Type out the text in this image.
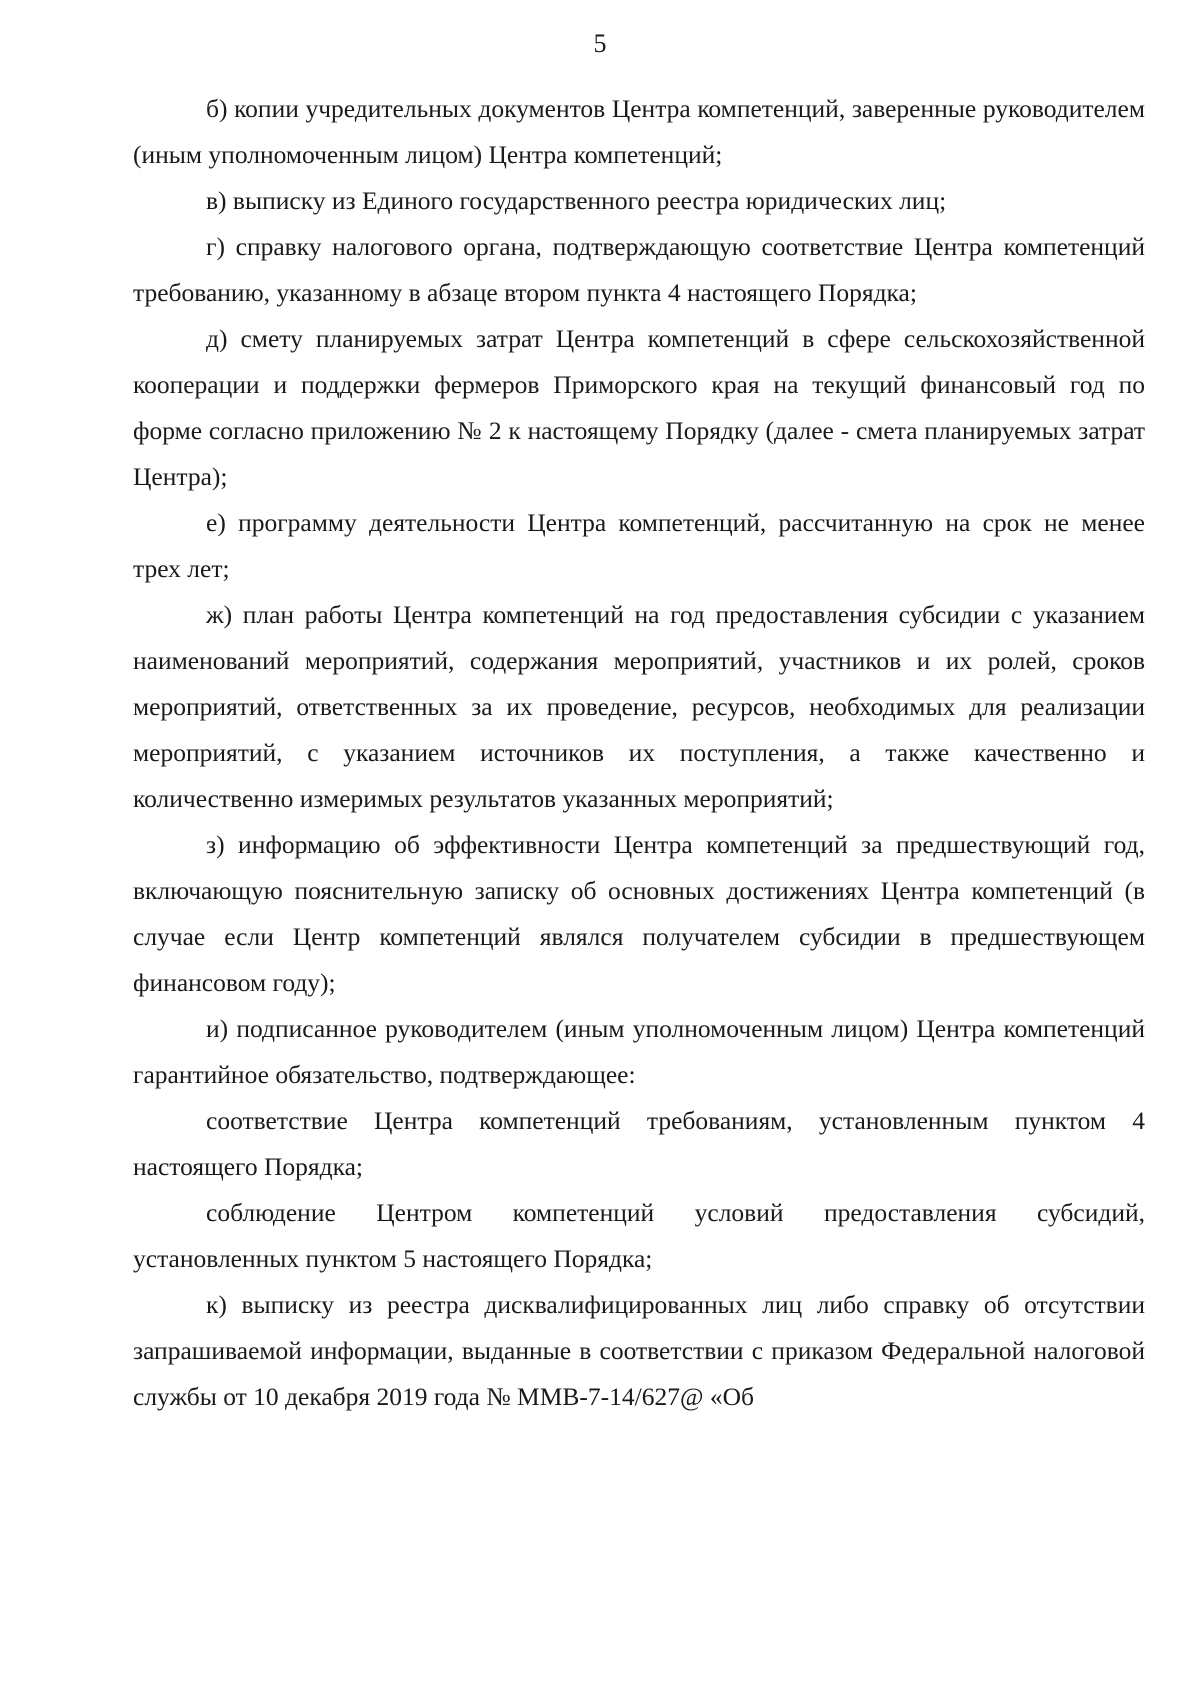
5

б) копии учредительных документов Центра компетенций, заверенные руководителем (иным уполномоченным лицом) Центра компетенций;

в) выписку из Единого государственного реестра юридических лиц;

г) справку налогового органа, подтверждающую соответствие Центра компетенций требованию, указанному в абзаце втором пункта 4 настоящего Порядка;

д) смету планируемых затрат Центра компетенций в сфере сельскохозяйственной кооперации и поддержки фермеров Приморского края на текущий финансовый год по форме согласно приложению № 2 к настоящему Порядку (далее - смета планируемых затрат Центра);

е) программу деятельности Центра компетенций, рассчитанную на срок не менее трех лет;

ж) план работы Центра компетенций на год предоставления субсидии с указанием наименований мероприятий, содержания мероприятий, участников и их ролей, сроков мероприятий, ответственных за их проведение, ресурсов, необходимых для реализации мероприятий, с указанием источников их поступления, а также качественно и количественно измеримых результатов указанных мероприятий;

з) информацию об эффективности Центра компетенций за предшествующий год, включающую пояснительную записку об основных достижениях Центра компетенций (в случае если Центр компетенций являлся получателем субсидии в предшествующем финансовом году);

и) подписанное руководителем (иным уполномоченным лицом) Центра компетенций гарантийное обязательство, подтверждающее:

соответствие Центра компетенций требованиям, установленным пунктом 4 настоящего Порядка;

соблюдение Центром компетенций условий предоставления субсидий, установленных пунктом 5 настоящего Порядка;

к) выписку из реестра дисквалифицированных лиц либо справку об отсутствии запрашиваемой информации, выданные в соответствии с приказом Федеральной налоговой службы от 10 декабря 2019 года № ММВ-7-14/627@ «Об
